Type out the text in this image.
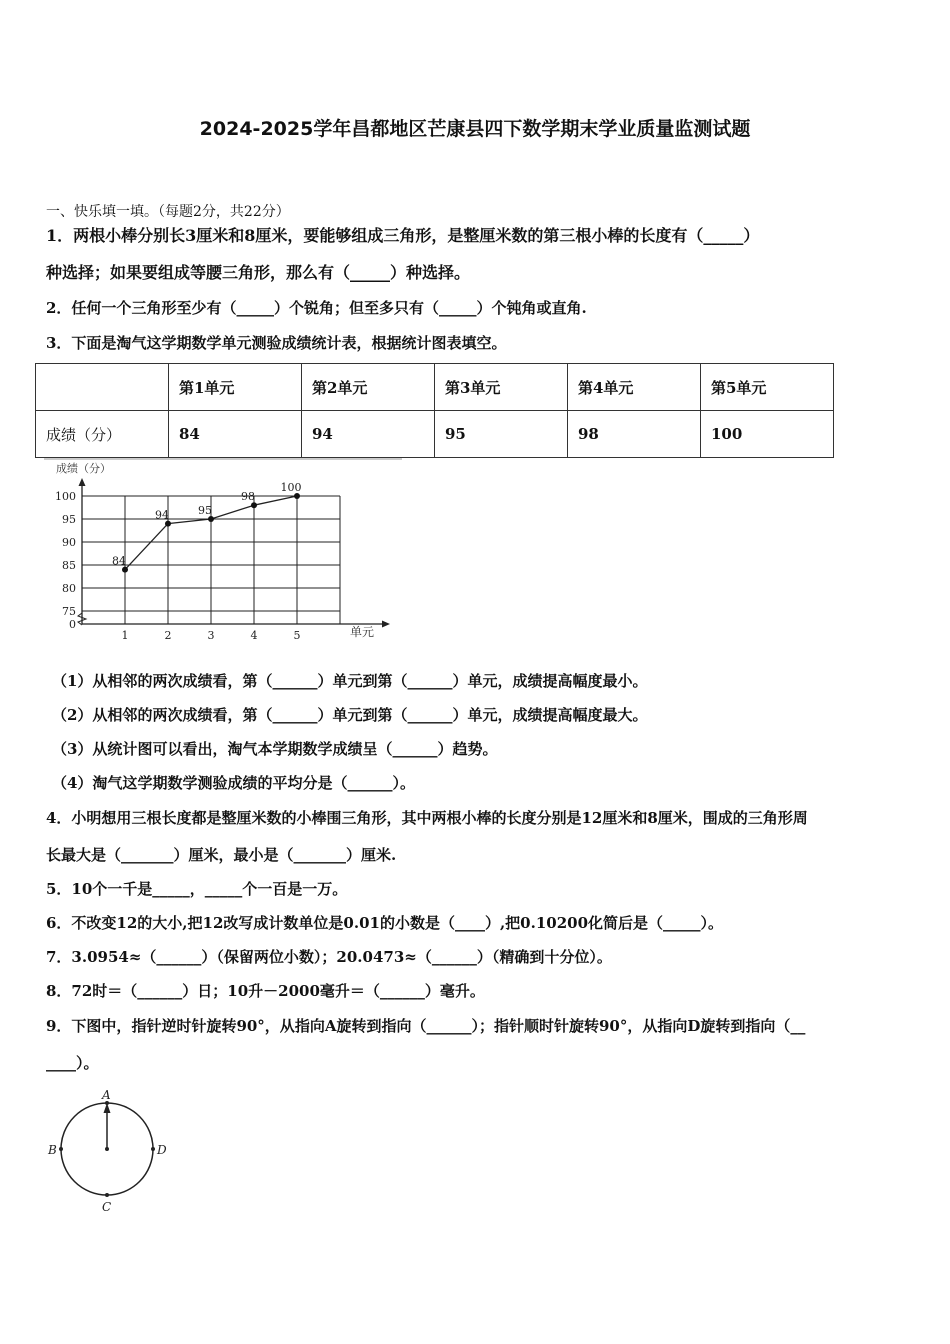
2024-2025学年昌都地区芒康县四下数学期末学业质量监测试题
一、快乐填一填。（每题2分，共22分）
1．两根小棒分别长3厘米和8厘米，要能够组成三角形，是整厘米数的第三根小棒的长度有（_____）
种选择；如果要组成等腰三角形，那么有（_____）种选择。
2．任何一个三角形至少有（_____）个锐角；但至多只有（_____）个钝角或直角.
3．下面是淘气这学期数学单元测验成绩统计表，根据统计图表填空。
	第1单元	第2单元	第3单元	第4单元	第5单元
成绩（分）	84	94	95	98	100
成绩（分）
单元
100
95
90
85
80
75
0
1	2	3	4	5
84
94	95
98
100
（1）从相邻的两次成绩看，第（______）单元到第（______）单元，成绩提高幅度最小。
（2）从相邻的两次成绩看，第（______）单元到第（______）单元，成绩提高幅度最大。
（3）从统计图可以看出，淘气本学期数学成绩呈（______）趋势。
（4）淘气这学期数学测验成绩的平均分是（______）。
4．小明想用三根长度都是整厘米数的小棒围三角形，其中两根小棒的长度分别是12厘米和8厘米，围成的三角形周
长最大是（_______）厘米，最小是（_______）厘米.
5．10个一千是_____，_____个一百是一万。
6．不改变12的大小,把12改写成计数单位是0.01的小数是（____）,把0.10200化简后是（_____）。
7．3.0954≈（______）（保留两位小数）；20.0473≈（______）（精确到十分位）。
8．72时＝（______）日；10升－2000毫升＝（______）毫升。
9．下图中，指针逆时针旋转90°，从指向A旋转到指向（______）；指针顺时针旋转90°，从指向D旋转到指向（__
____）。
A
B
C
D
